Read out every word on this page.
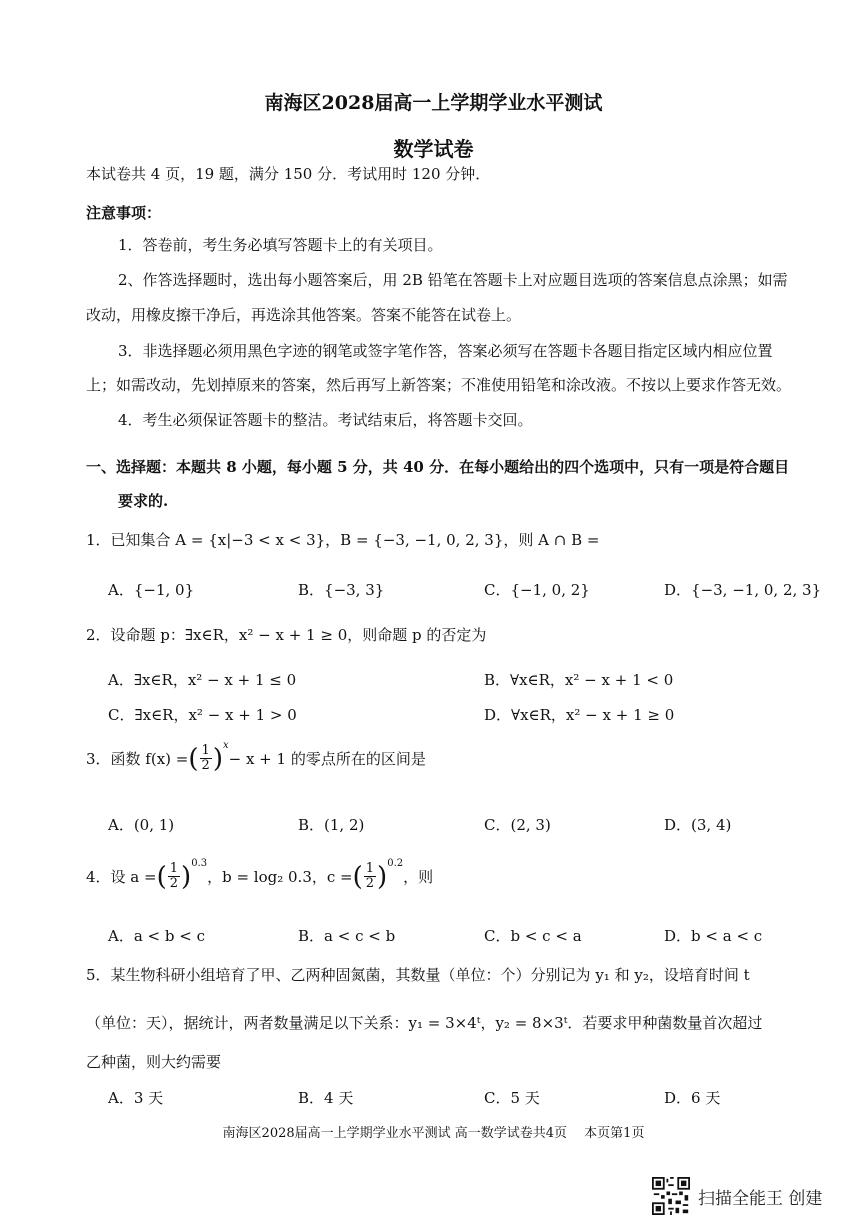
南海区2028届高一上学期学业水平测试
数学试卷
本试卷共 4 页，19 题，满分 150 分．考试用时 120 分钟．
注意事项：
1．答卷前，考生务必填写答题卡上的有关项目。
2、作答选择题时，选出每小题答案后，用 2B 铅笔在答题卡上对应题目选项的答案信息点涂黑；如需
改动，用橡皮擦干净后，再选涂其他答案。答案不能答在试卷上。
3．非选择题必须用黑色字迹的钢笔或签字笔作答，答案必须写在答题卡各题目指定区域内相应位置
上；如需改动，先划掉原来的答案，然后再写上新答案；不准使用铅笔和涂改液。不按以上要求作答无效。
4．考生必须保证答题卡的整洁。考试结束后，将答题卡交回。
一、选择题：本题共 8 小题，每小题 5 分，共 40 分．在每小题给出的四个选项中，只有一项是符合题目
要求的.
1．已知集合 A = {x|−3 < x < 3}，B = {−3, −1, 0, 2, 3}，则 A ∩ B =
A．{−1, 0}	B．{−3, 3}	C．{−1, 0, 2}	D．{−3, −1, 0, 2, 3}
2．设命题 p：∃x∈R，x² − x + 1 ≥ 0，则命题 p 的否定为
A．∃x∈R，x² − x + 1 ≤ 0	B．∀x∈R，x² − x + 1 < 0
C．∃x∈R，x² − x + 1 > 0	D．∀x∈R，x² − x + 1 ≥ 0
3．函数 f(x) = ( $\frac{1}{2}$ ) x
− x + 1 的零点所在的区间是
A．(0, 1)	B．(1, 2)	C．(2, 3)	D．(3, 4)
4．设 a = ( $\frac{1}{2}$ ) 0.3
，b = log₂ 0.3，c = ( $\frac{1}{2}$ ) 0.2
，则
A．a < b < c	B．a < c < b	C．b < c < a	D．b < a < c
5．某生物科研小组培育了甲、乙两种固氮菌，其数量（单位：个）分别记为 y₁ 和 y₂，设培育时间 t
（单位：天），据统计，两者数量满足以下关系：y₁ = 3×4ᵗ，y₂ = 8×3ᵗ．若要求甲种菌数量首次超过
乙种菌，则大约需要
A．3 天	B．4 天	C．5 天	D．6 天
南海区2028届高一上学期学业水平测试 高一数学试卷共4页　 本页第1页
扫描全能王 创建
